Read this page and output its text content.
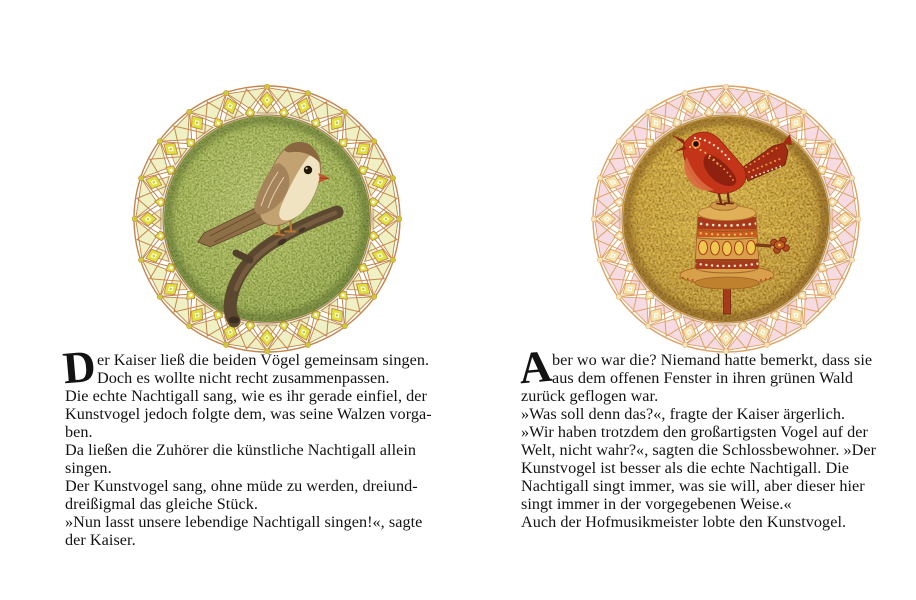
D er Kaiser ließ die beiden Vögel gemeinsam singen.
Doch es wollte nicht recht zusammenpassen.
Die echte Nachtigall sang, wie es ihr gerade einfiel, der
Kunstvogel jedoch folgte dem, was seine Walzen vorga-
ben.
Da ließen die Zuhörer die künstliche Nachtigall allein
singen.
Der Kunstvogel sang, ohne müde zu werden, dreiund-
dreißigmal das gleiche Stück.
»Nun lasst unsere lebendige Nachtigall singen!«, sagte
der Kaiser.
A
ber wo war die? Niemand hatte bemerkt, dass sie
aus dem offenen Fenster in ihren grünen Wald
zurück geflogen war.
»Was soll denn das?«, fragte der Kaiser ärgerlich.
»Wir haben trotzdem den großartigsten Vogel auf der
Welt, nicht wahr?«, sagten die Schlossbewohner. »Der
Kunstvogel ist besser als die echte Nachtigall. Die
Nachtigall singt immer, was sie will, aber dieser hier
singt immer in der vorgegebenen Weise.«
Auch der Hofmusikmeister lobte den Kunstvogel.
